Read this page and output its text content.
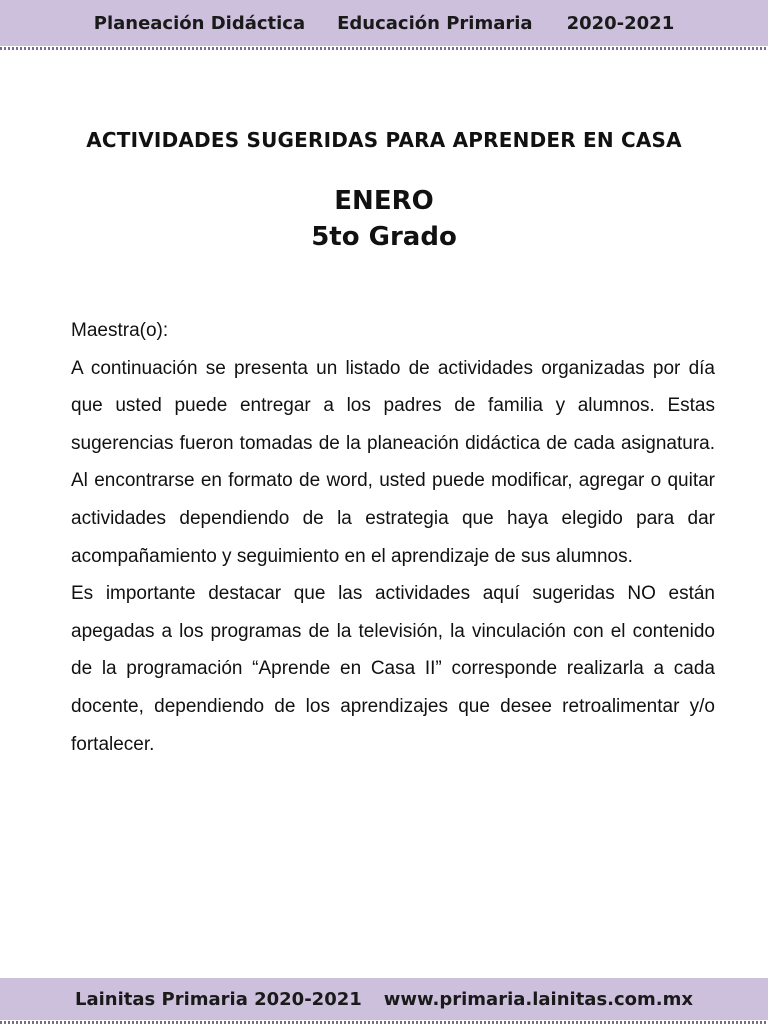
Planeación Didáctica Educación Primaria 2020-2021
ACTIVIDADES SUGERIDAS PARA APRENDER EN CASA
ENERO
5to Grado

Maestra(o):

A continuación se presenta un listado de actividades organizadas por día que usted puede entregar a los padres de familia y alumnos. Estas sugerencias fueron tomadas de la planeación didáctica de cada asignatura. Al encontrarse en formato de word, usted puede modificar, agregar o quitar actividades dependiendo de la estrategia que haya elegido para dar acompañamiento y seguimiento en el aprendizaje de sus alumnos.

Es importante destacar que las actividades aquí sugeridas NO están apegadas a los programas de la televisión, la vinculación con el contenido de la programación “Aprende en Casa II” corresponde realizarla a cada docente, dependiendo de los aprendizajes que desee retroalimentar y/o fortalecer.

Lainitas Primaria 2020-2021 www.primaria.lainitas.com.mx
